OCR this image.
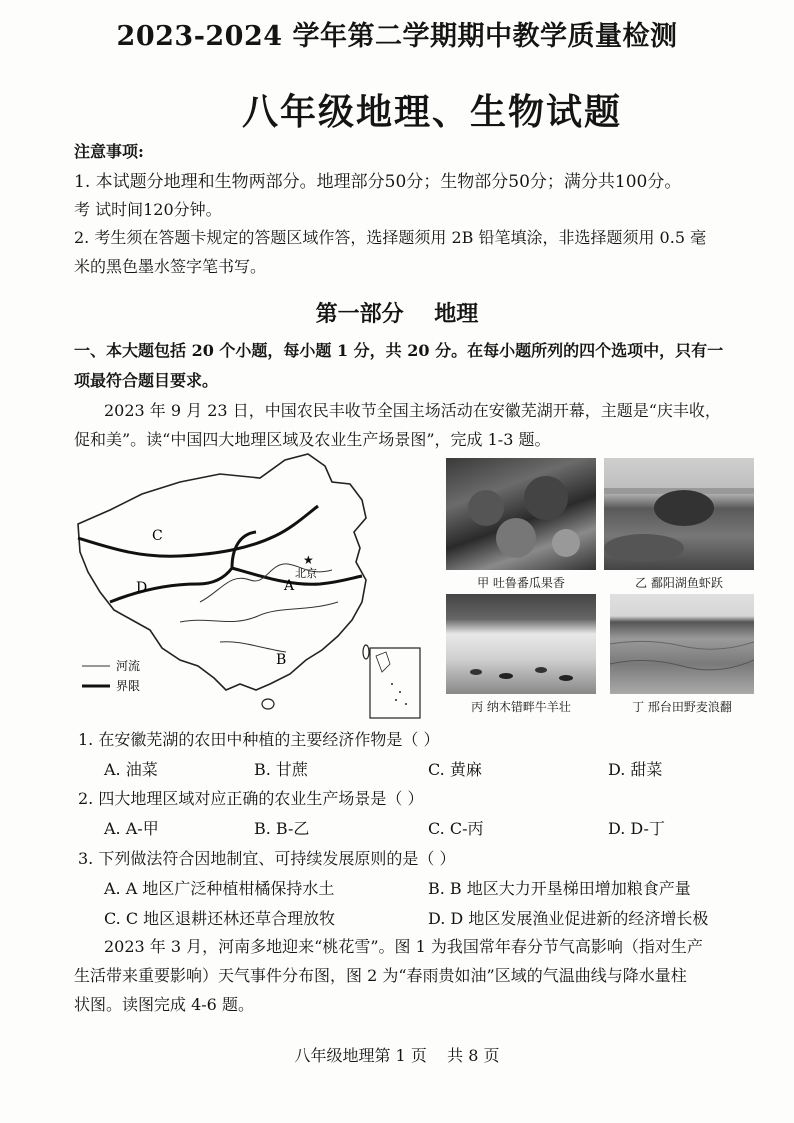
2023-2024 学年第二学期期中教学质量检测
八年级地理、生物试题
注意事项:
1. 本试题分地理和生物两部分。地理部分50分；生物部分50分；满分共100分。
考 试时间120分钟。
2. 考生须在答题卡规定的答题区域作答，选择题须用 2B 铅笔填涂，非选择题须用 0.5 毫
米的黑色墨水签字笔书写。
第一部分    地理
一、本大题包括 20 个小题，每小题 1 分，共 20 分。在每小题所列的四个选项中，只有一
项最符合题目要求。
2023 年 9 月 23 日，中国农民丰收节全国主场活动在安徽芜湖开幕，主题是“庆丰收，
促和美”。读“中国四大地理区域及农业生产场景图”，完成 1-3 题。
★
C
D	A
B
北京
河流
界限
甲 吐鲁番瓜果香	乙 鄱阳湖鱼虾跃
丙 纳木错畔牛羊壮	丁 邢台田野麦浪翻
1. 在安徽芜湖的农田中种植的主要经济作物是（ ）
A. 油菜	B. 甘蔗	C. 黄麻	D. 甜菜
2. 四大地理区域对应正确的农业生产场景是（ ）
A. A-甲	B. B-乙	C. C-丙	D. D-丁
3. 下列做法符合因地制宜、可持续发展原则的是（ ）
A. A 地区广泛种植柑橘保持水土	B. B 地区大力开垦梯田增加粮食产量
C. C 地区退耕还林还草合理放牧	D. D 地区发展渔业促进新的经济增长极
2023 年 3 月，河南多地迎来“桃花雪”。图 1 为我国常年春分节气高影响（指对生产
生活带来重要影响）天气事件分布图，图 2 为“春雨贵如油”区域的气温曲线与降水量柱
状图。读图完成 4-6 题。
八年级地理第 1 页    共 8 页
